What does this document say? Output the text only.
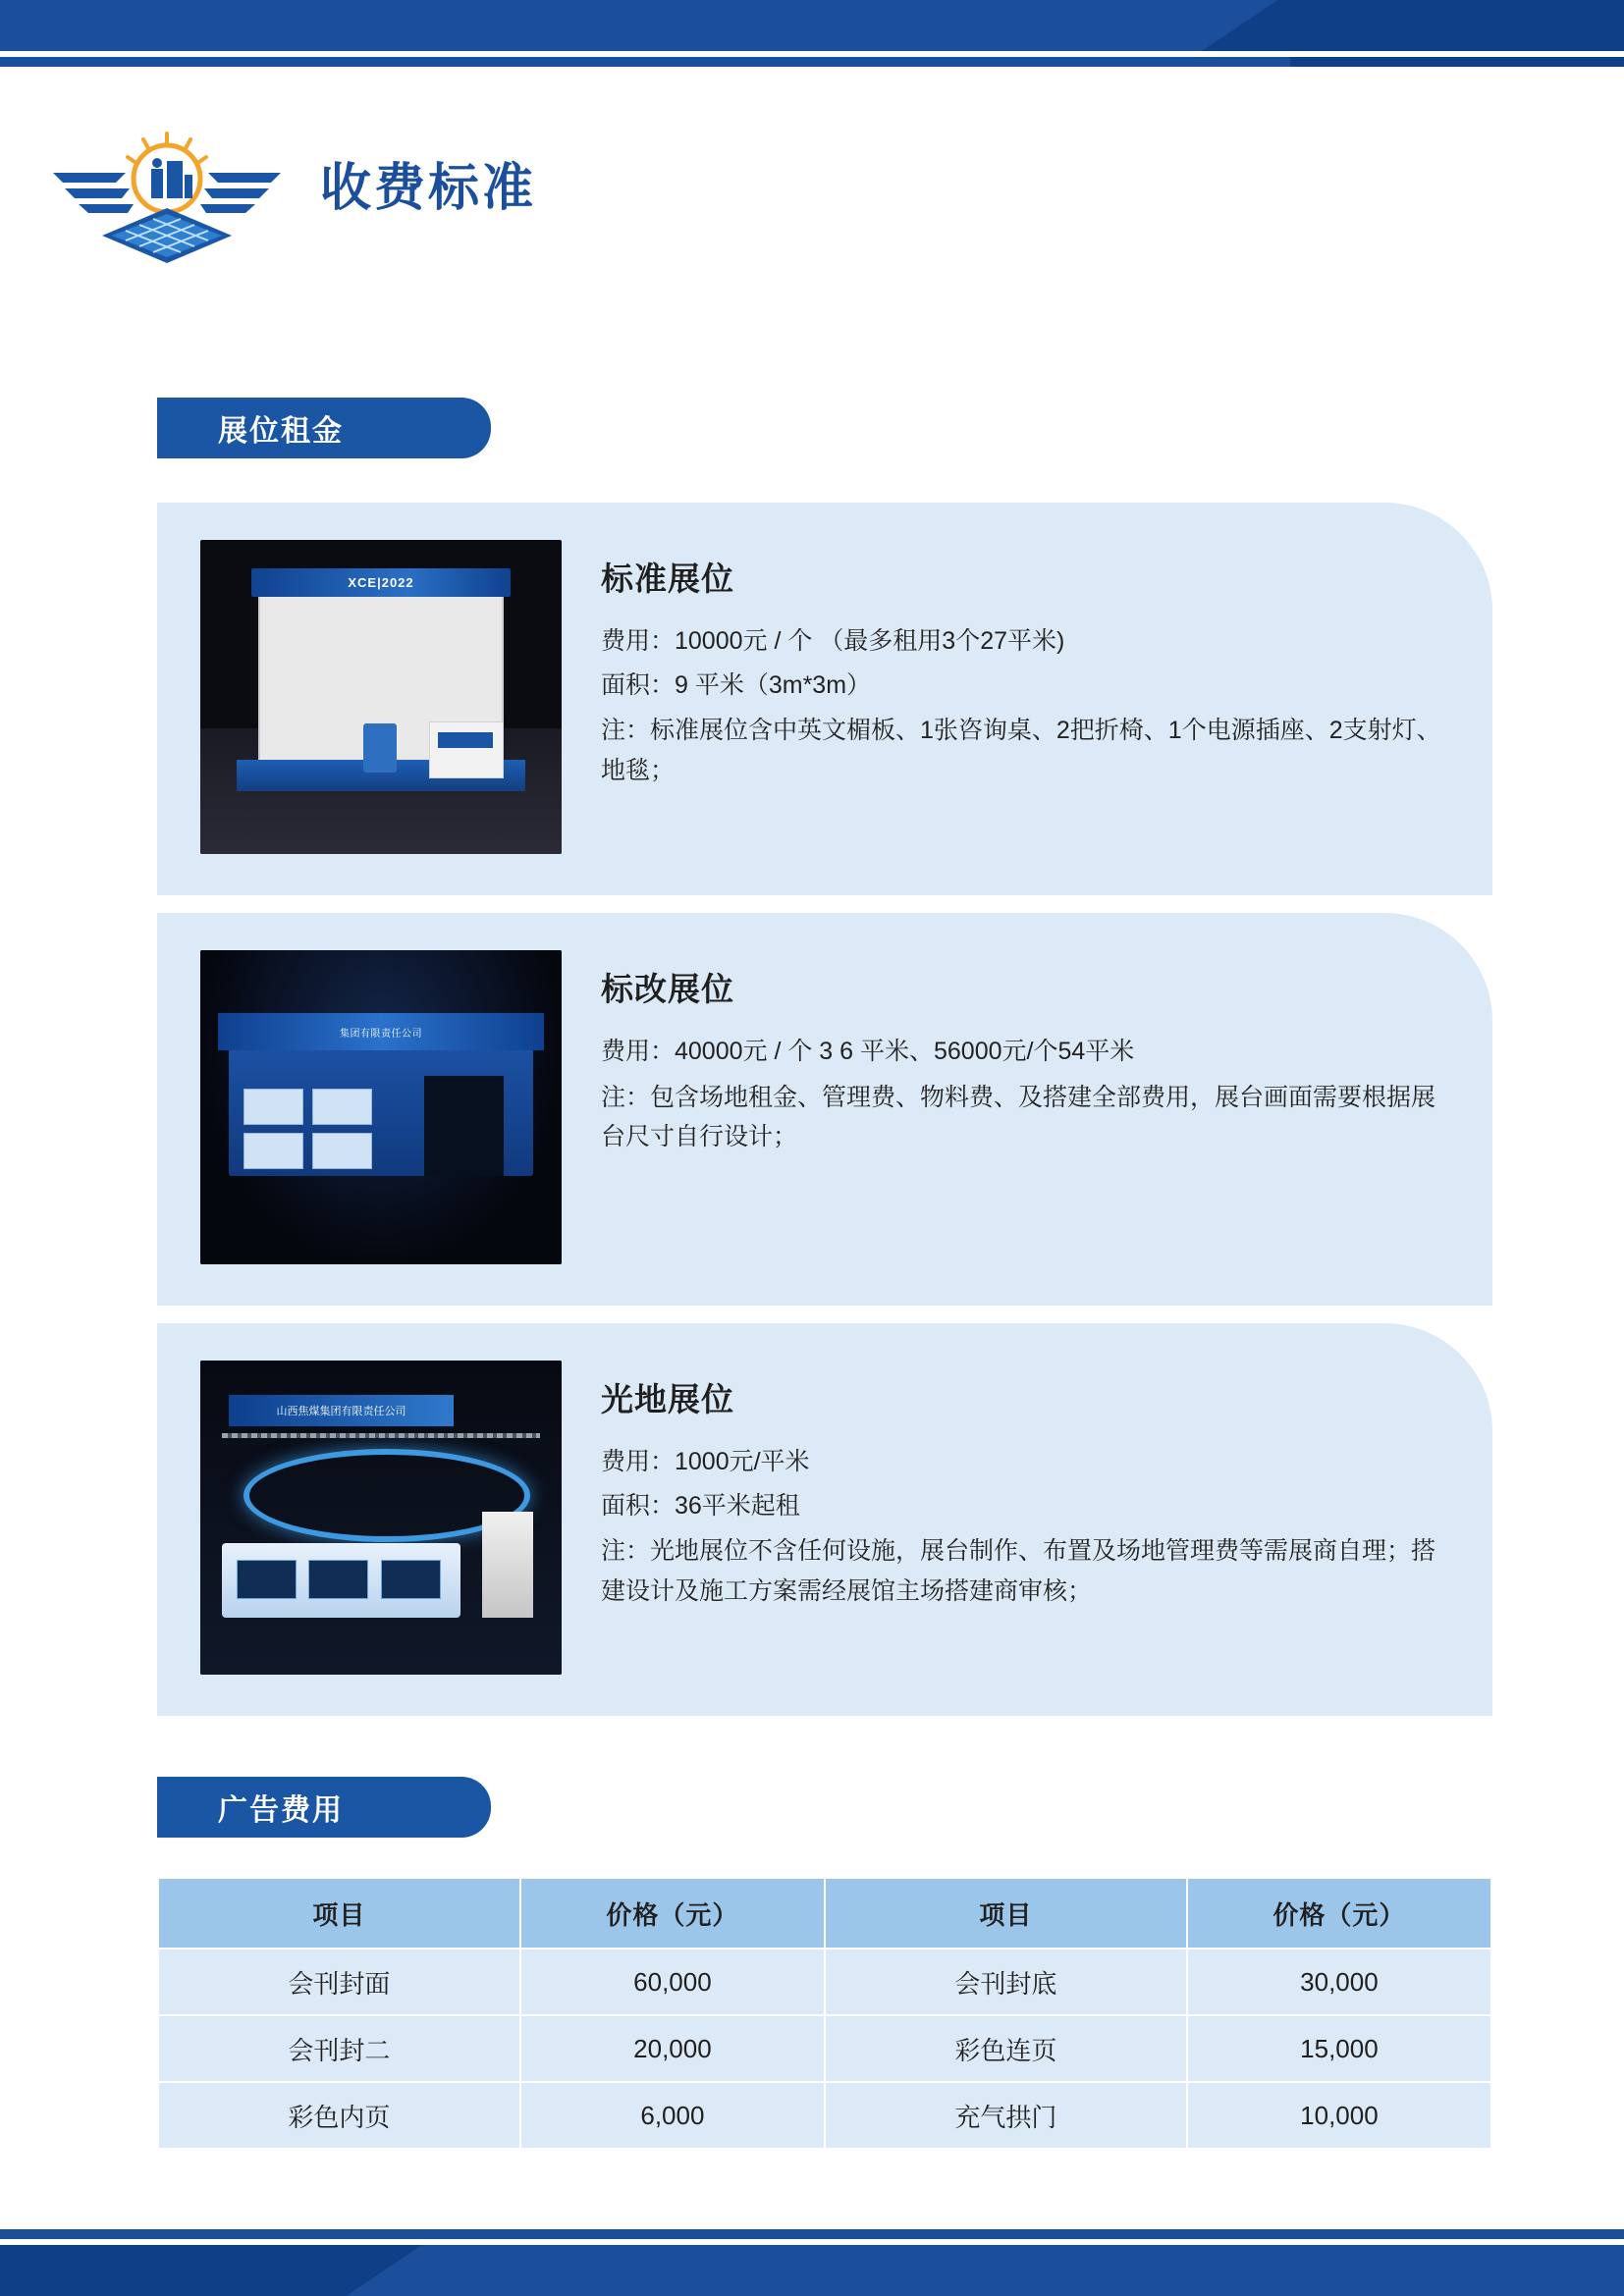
收费标准
展位租金
XCE|2022	标准展位
费用：10000元 / 个 （最多租用3个27平米)
面积：9 平米（3m*3m）
注：标准展位含中英文楣板、1张咨询桌、2把折椅、1个电源插座、2支射灯、地毯；
集团有限责任公司
标改展位
费用：40000元 / 个 3 6 平米、56000元/个54平米
注：包含场地租金、管理费、物料费、及搭建全部费用，展台画面需要根据展台尺寸自行设计；
山西焦煤集团有限责任公司	光地展位
费用：1000元/平米
面积：36平米起租
注：光地展位不含任何设施，展台制作、布置及场地管理费等需展商自理；搭建设计及施工方案需经展馆主场搭建商审核；
广告费用
项目	价格（元）	项目	价格（元）
会刊封面	60,000	会刊封底	30,000
会刊封二	20,000	彩色连页	15,000
彩色内页	6,000	充气拱门	10,000
